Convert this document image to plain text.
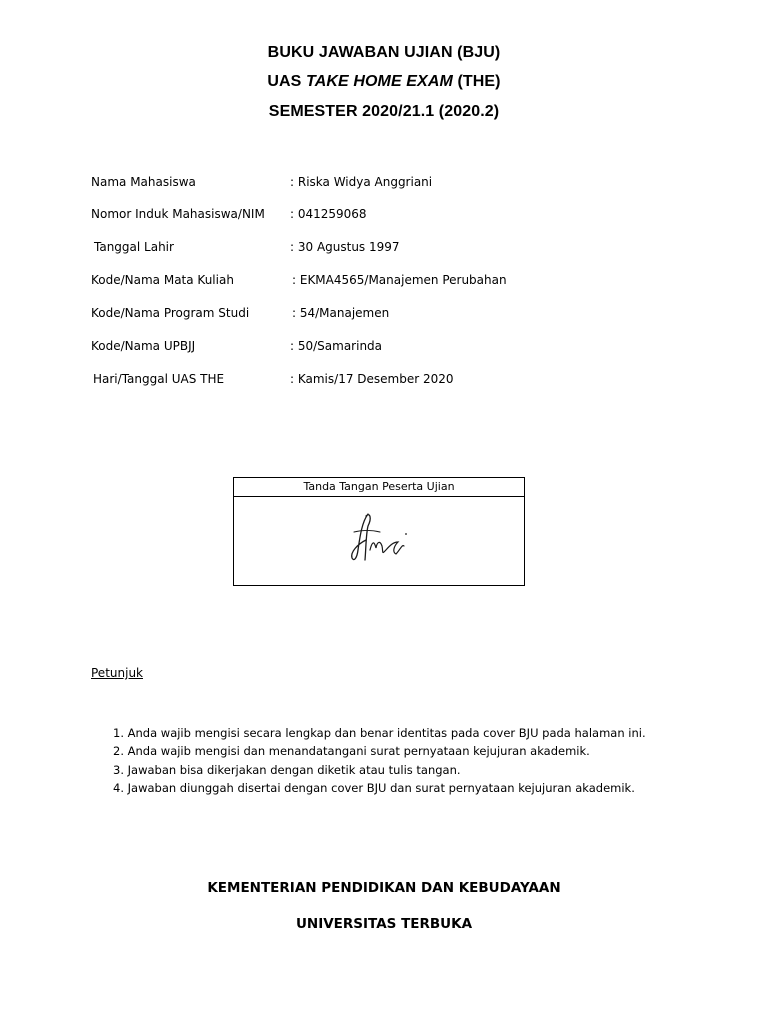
BUKU JAWABAN UJIAN (BJU)
UAS TAKE HOME EXAM (THE)
SEMESTER 2020/21.1 (2020.2)
Nama Mahasiswa	: Riska Widya Anggriani
Nomor Induk Mahasiswa/NIM : 041259068
Tanggal Lahir	: 30 Agustus 1997
Kode/Nama Mata Kuliah	: EKMA4565/Manajemen Perubahan
Kode/Nama Program Studi	: 54/Manajemen
Kode/Nama UPBJJ	: 50/Samarinda
Hari/Tanggal UAS THE	: Kamis/17 Desember 2020
Tanda Tangan Peserta Ujian
Petunjuk
1. Anda wajib mengisi secara lengkap dan benar identitas pada cover BJU pada halaman ini.
2. Anda wajib mengisi dan menandatangani surat pernyataan kejujuran akademik.
3. Jawaban bisa dikerjakan dengan diketik atau tulis tangan.
4. Jawaban diunggah disertai dengan cover BJU dan surat pernyataan kejujuran akademik.
KEMENTERIAN PENDIDIKAN DAN KEBUDAYAAN
UNIVERSITAS TERBUKA
